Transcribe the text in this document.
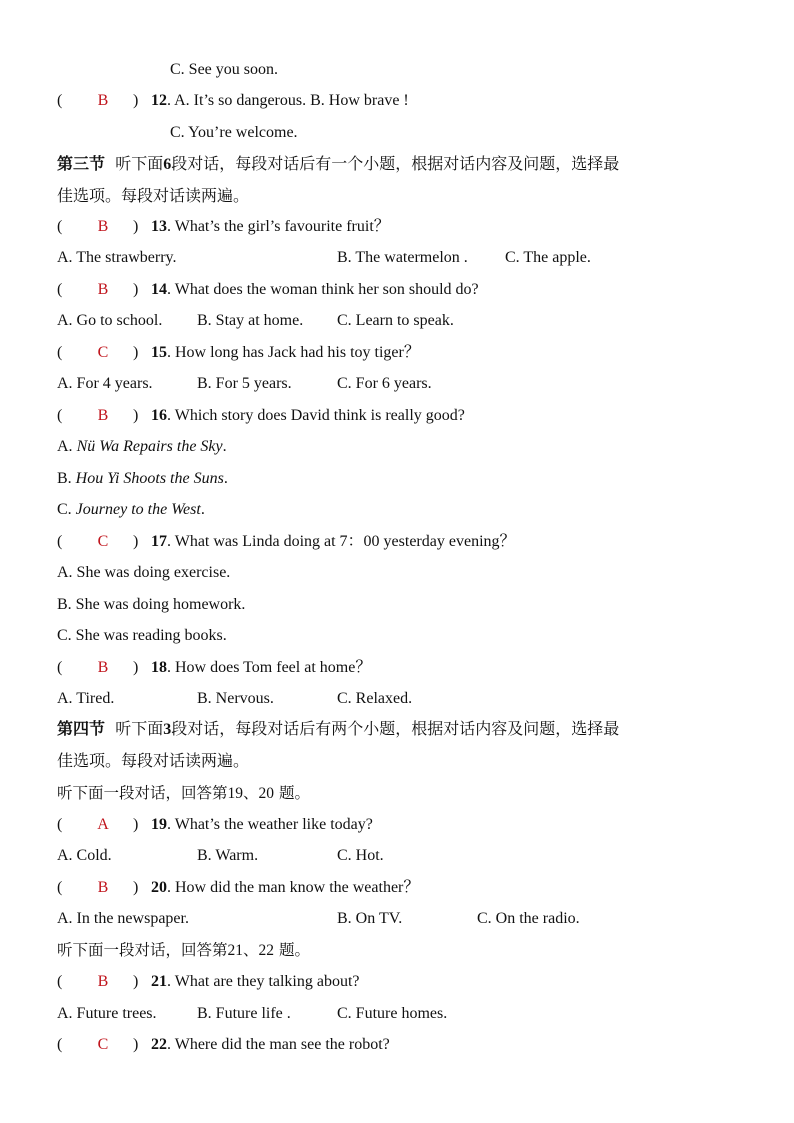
C. See you soon.
( B ) 12. A. It’s so dangerous. B. How brave !
C. You’re welcome.
第三节 听下面6段对话，每段对话后有一个小题，根据对话内容及问题，选择最
佳选项。每段对话读两遍。
( B ) 13. What’s the girl’s favourite fruit？
A. The strawberry.	B. The watermelon . C. The apple.
( B ) 14. What does the woman think her son should do?
A. Go to school. B. Stay at home. C. Learn to speak.
( C ) 15. How long has Jack had his toy tiger？
A. For 4 years.	B. For 5 years.	C. For 6 years.
( B ) 16. Which story does David think is really good?
A. Nü Wa Repairs the Sky.
B. Hou Yi Shoots the Suns.
C. Journey to the West.
( C ) 17. What was Linda doing at 7：00 yesterday evening？
A. She was doing exercise.
B. She was doing homework.
C. She was reading books.
( B ) 18. How does Tom feel at home？
A. Tired.	B. Nervous.	C. Relaxed.
第四节 听下面3段对话，每段对话后有两个小题，根据对话内容及问题，选择最
佳选项。每段对话读两遍。
听下面一段对话，回答第19、20 题。
( A ) 19. What’s the weather like today?
A. Cold.	B. Warm.	C. Hot.
( B ) 20. How did the man know the weather？
A. In the newspaper.	B. On TV.	C. On the radio.
听下面一段对话，回答第21、22 题。
( B ) 21. What are they talking about?
A. Future trees.	B. Future life .	C. Future homes.
( C ) 22. Where did the man see the robot?
